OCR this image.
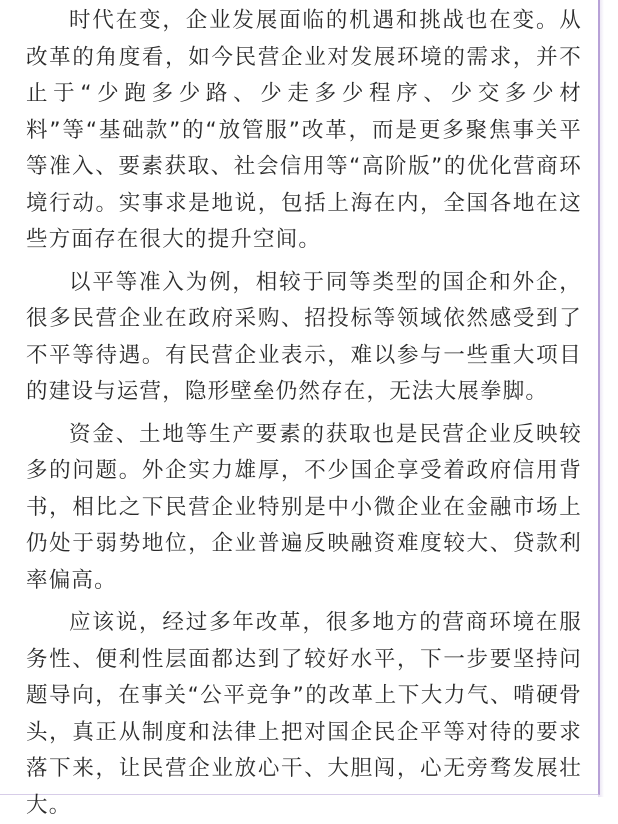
时代在变，企业发展面临的机遇和挑战也在变。从改革的角度看，如今民营企业对发展环境的需求，并不止于“少跑多少路、少走多少程序、少交多少材料”等“基础款”的“放管服”改革，而是更多聚焦事关平等准入、要素获取、社会信用等“高阶版”的优化营商环境行动。实事求是地说，包括上海在内，全国各地在这些方面存在很大的提升空间。

以平等准入为例，相较于同等类型的国企和外企，很多民营企业在政府采购、招投标等领域依然感受到了不平等待遇。有民营企业表示，难以参与一些重大项目的建设与运营，隐形壁垒仍然存在，无法大展拳脚。

资金、土地等生产要素的获取也是民营企业反映较多的问题。外企实力雄厚，不少国企享受着政府信用背书，相比之下民营企业特别是中小微企业在金融市场上仍处于弱势地位，企业普遍反映融资难度较大、贷款利率偏高。

应该说，经过多年改革，很多地方的营商环境在服务性、便利性层面都达到了较好水平，下一步要坚持问题导向，在事关“公平竞争”的改革上下大力气、啃硬骨头，真正从制度和法律上把对国企民企平等对待的要求落下来，让民营企业放心干、大胆闯，心无旁骛发展壮大。
